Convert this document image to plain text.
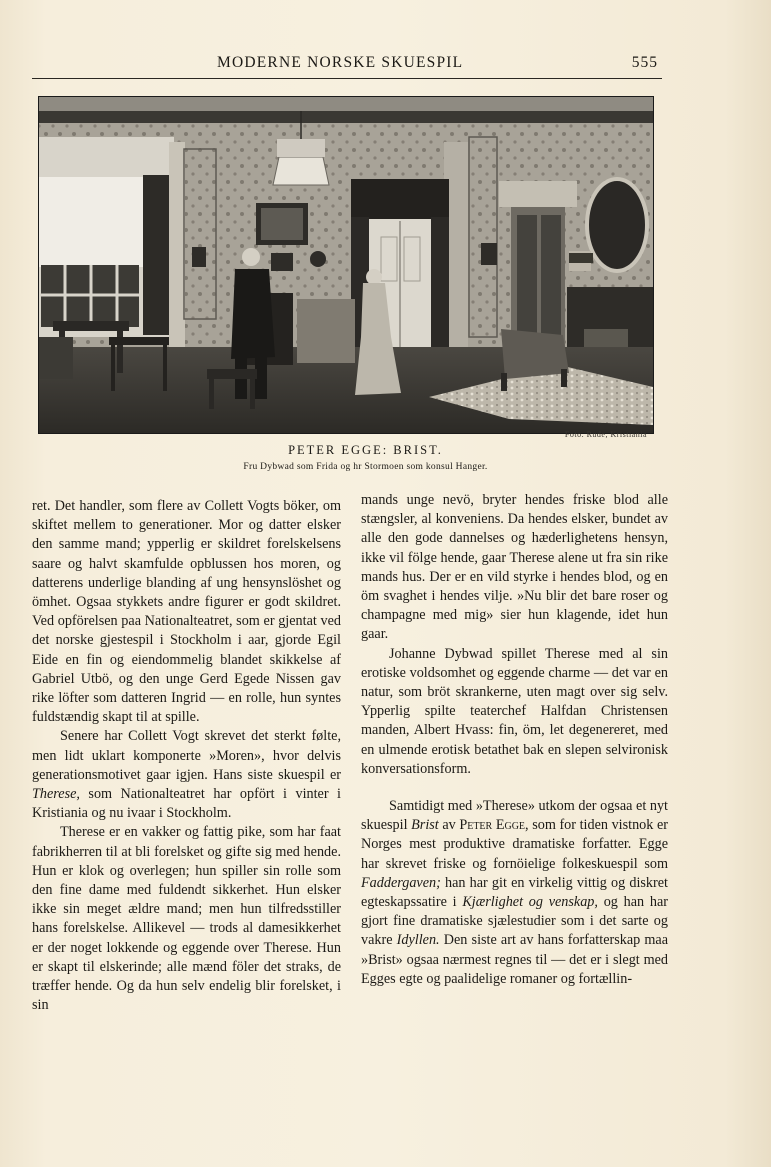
MODERNE NORSKE SKUESPIL	555
Foto. Rude, Kristiania
PETER EGGE: BRIST.
Fru Dybwad som Frida og hr Stormoen som konsul Hanger.

ret. Det handler, som flere av Collett Vogts böker, om skiftet mellem to generationer. Mor og datter elsker den samme mand; ypperlig er skildret forelskelsens saare og halvt skamfulde opblussen hos moren, og datterens underlige blanding af ung hensynslöshet og ömhet. Ogsaa stykkets andre figurer er godt skildret. Ved opförelsen paa Nationalteatret, som er gjentat ved det norske gjestespil i Stockholm i aar, gjorde Egil Eide en fin og eiendommelig blandet skikkelse af Gabriel Utbö, og den unge Gerd Egede Nissen gav rike löfter som datteren Ingrid — en rolle, hun syntes fuldstændig skapt til at spille.

Senere har Collett Vogt skrevet det sterkt følte, men lidt uklart komponerte »Moren», hvor delvis generationsmotivet gaar igjen. Hans siste skuespil er Therese, som Nationalteatret har opfört i vinter i Kristiania og nu ivaar i Stockholm.

Therese er en vakker og fattig pike, som har faat fabrikherren til at bli forelsket og gifte sig med hende. Hun er klok og overlegen; hun spiller sin rolle som den fine dame med fuldendt sikkerhet. Hun elsker ikke sin meget ældre mand; men hun tilfredsstiller hans forelskelse. Allikevel — trods al damesikkerhet er der noget lokkende og eggende over Therese. Hun er skapt til elskerinde; alle mænd föler det straks, de træffer hende. Og da hun selv endelig blir forelsket, i sin

mands unge nevö, bryter hendes friske blod alle stængsler, al konveniens. Da hendes elsker, bundet av alle den gode dannelses og hæderlighetens hensyn, ikke vil fölge hende, gaar Therese alene ut fra sin rike mands hus. Der er en vild styrke i hendes blod, og en öm svaghet i hendes vilje. »Nu blir det bare roser og champagne med mig» sier hun klagende, idet hun gaar.

Johanne Dybwad spillet Therese med al sin erotiske voldsomhet og eggende charme — det var en natur, som bröt skrankerne, uten magt over sig selv. Ypperlig spilte teaterchef Halfdan Christensen manden, Albert Hvass: fin, öm, let degenereret, med en ulmende erotisk betathet bak en slepen selvironisk konversationsform.

Samtidigt med »Therese» utkom der ogsaa et nyt skuespil Brist av Peter Egge, som for tiden vistnok er Norges mest produktive dramatiske forfatter. Egge har skrevet friske og fornöielige folkeskuespil som Faddergaven; han har git en virkelig vittig og diskret egteskapssatire i Kjærlighet og venskap, og han har gjort fine dramatiske sjælestudier som i det sarte og vakre Idyllen. Den siste art av hans forfatterskap maa »Brist» ogsaa nærmest regnes til — det er i slegt med Egges egte og paalidelige romaner og fortællin-
